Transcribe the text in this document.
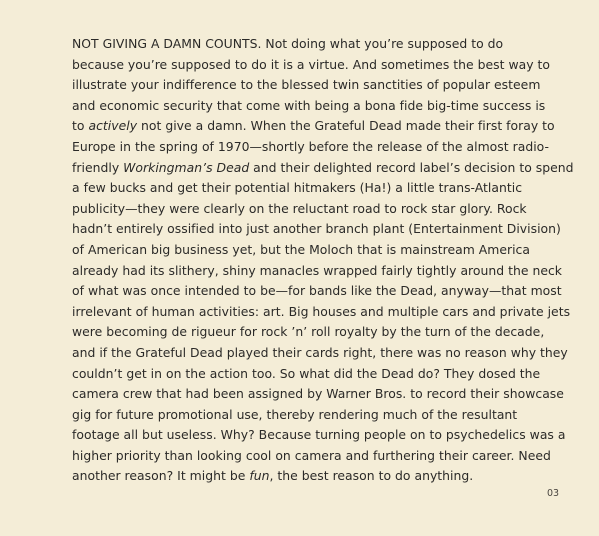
NOT GIVING A DAMN COUNTS. Not doing what you’re supposed to do
because you’re supposed to do it is a virtue. And sometimes the best way to
illustrate your indifference to the blessed twin sanctities of popular esteem
and economic security that come with being a bona fide big-time success is
to actively not give a damn. When the Grateful Dead made their first foray to
Europe in the spring of 1970—shortly before the release of the almost radio-
friendly Workingman’s Dead and their delighted record label’s decision to spend
a few bucks and get their potential hitmakers (Ha!) a little trans-Atlantic
publicity—they were clearly on the reluctant road to rock star glory. Rock
hadn’t entirely ossified into just another branch plant (Entertainment Division)
of American big business yet, but the Moloch that is mainstream America
already had its slithery, shiny manacles wrapped fairly tightly around the neck
of what was once intended to be—for bands like the Dead, anyway—that most
irrelevant of human activities: art. Big houses and multiple cars and private jets
were becoming de rigueur for rock ’n’ roll royalty by the turn of the decade,
and if the Grateful Dead played their cards right, there was no reason why they
couldn’t get in on the action too. So what did the Dead do? They dosed the
camera crew that had been assigned by Warner Bros. to record their showcase
gig for future promotional use, thereby rendering much of the resultant
footage all but useless. Why? Because turning people on to psychedelics was a
higher priority than looking cool on camera and furthering their career. Need
another reason? It might be fun, the best reason to do anything.
03
